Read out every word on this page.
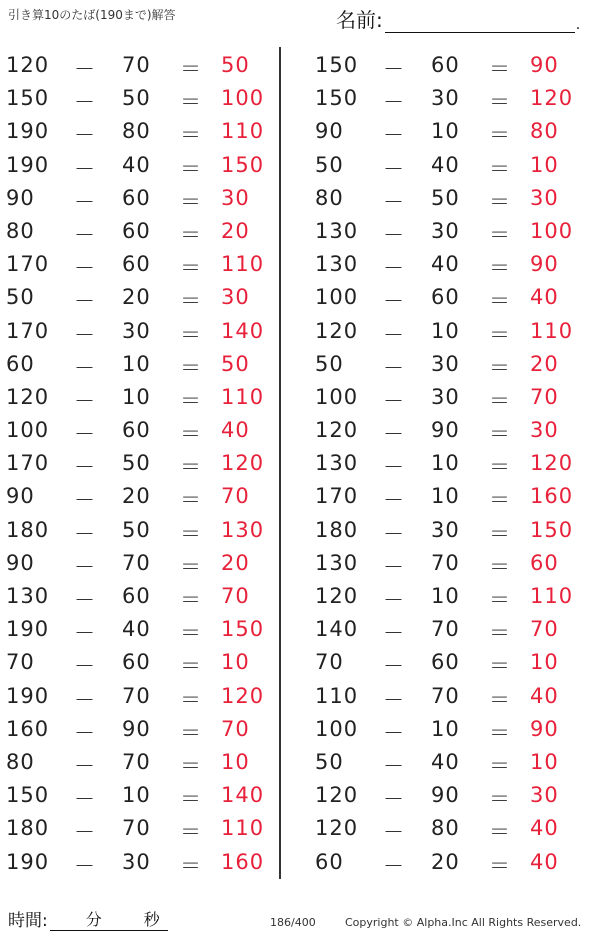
引き算10のたば(190まで)解答	名前:	.
120 － 70 ＝ 50
150 － 50 ＝ 100
190 － 80 ＝ 110
190 － 40 ＝ 150
90 － 60 ＝ 30
80 － 60 ＝ 20
170 － 60 ＝ 110
50 － 20 ＝ 30
170 － 30 ＝ 140
60 － 10 ＝ 50
120 － 10 ＝ 110
100 － 60 ＝ 40
170 － 50 ＝ 120
90 － 20 ＝ 70
180 － 50 ＝ 130
90 － 70 ＝ 20
130 － 60 ＝ 70
190 － 40 ＝ 150
70 － 60 ＝ 10
190 － 70 ＝ 120
160 － 90 ＝ 70
80 － 70 ＝ 10
150 － 10 ＝ 140
180 － 70 ＝ 110
190 － 30 ＝ 160
150 － 60 ＝ 90
150 － 30 ＝ 120
90 － 10 ＝ 80
50 － 40 ＝ 10
80 － 50 ＝ 30
130 － 30 ＝ 100
130 － 40 ＝ 90
100 － 60 ＝ 40
120 － 10 ＝ 110
50 － 30 ＝ 20
100 － 30 ＝ 70
120 － 90 ＝ 30
130 － 10 ＝ 120
170 － 10 ＝ 160
180 － 30 ＝ 150
130 － 70 ＝ 60
120 － 10 ＝ 110
140 － 70 ＝ 70
70 － 60 ＝ 10
110 － 70 ＝ 40
100 － 10 ＝ 90
50 － 40 ＝ 10
120 － 90 ＝ 30
120 － 80 ＝ 40
60 － 20 ＝ 40
時間: 分	秒	186/400	Copyright © Alpha.Inc All Rights Reserved.
